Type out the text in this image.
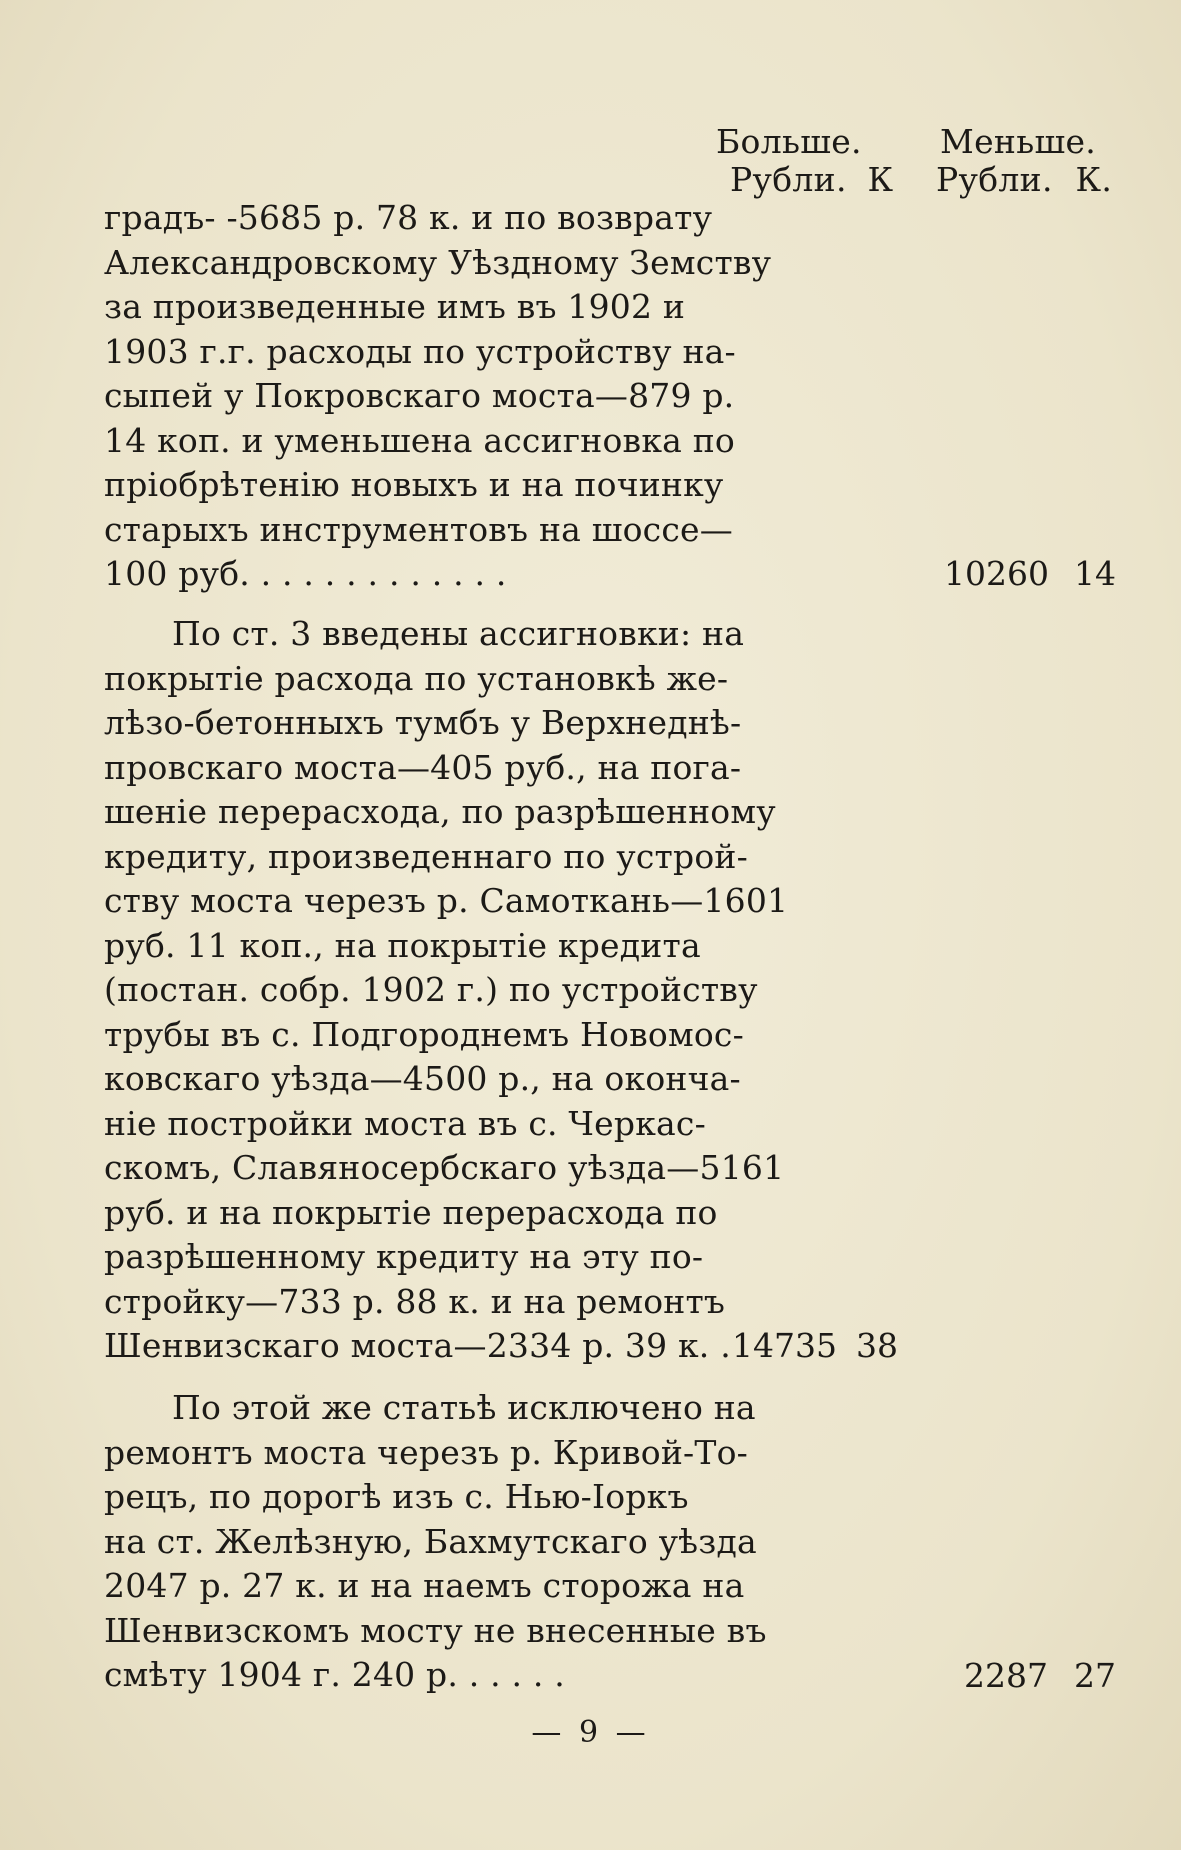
Больше. Меньше.
Рубли. К Рубли. К.
градъ- -5685 р. 78 к. и по возврату
Александровскому Уѣздному Земству
за произведенные имъ въ 1902 и
1903 г.г. расходы по устройству на-
сыпей у Покровскаго моста—879 р.
14 коп. и уменьшена ассигновка по
пріобрѣтенію новыхъ и на починку
старыхъ инструментовъ на шоссе—
100 руб. . . . . . . . . . . . .	10260 14
По ст. 3 введены ассигновки: на
покрытіе расхода по установкѣ же-
лѣзо-бетонныхъ тумбъ у Верхнеднѣ-
провскаго моста—405 руб., на пога-
шеніе перерасхода, по разрѣшенному
кредиту, произведеннаго по устрой-
ству моста черезъ р. Самоткань—1601
руб. 11 коп., на покрытіе кредита
(постан. собр. 1902 г.) по устройству
трубы въ с. Подгороднемъ Новомос-
ковскаго уѣзда—4500 р., на оконча-
ніе постройки моста въ с. Черкас-
скомъ, Славяносербскаго уѣзда—5161
руб. и на покрытіе перерасхода по
разрѣшенному кредиту на эту по-
стройку—733 р. 88 к. и на ремонтъ
Шенвизскаго моста—2334 р. 39 к. . 14735 38
По этой же статьѣ исключено на
ремонтъ моста черезъ р. Кривой-То-
рецъ, по дорогѣ изъ с. Нью-Іоркъ
на ст. Желѣзную, Бахмутскаго уѣзда
2047 р. 27 к. и на наемъ сторожа на
Шенвизскомъ мосту не внесенные въ
смѣту 1904 г. 240 р. . . . . .	2287 27
— 9 —
